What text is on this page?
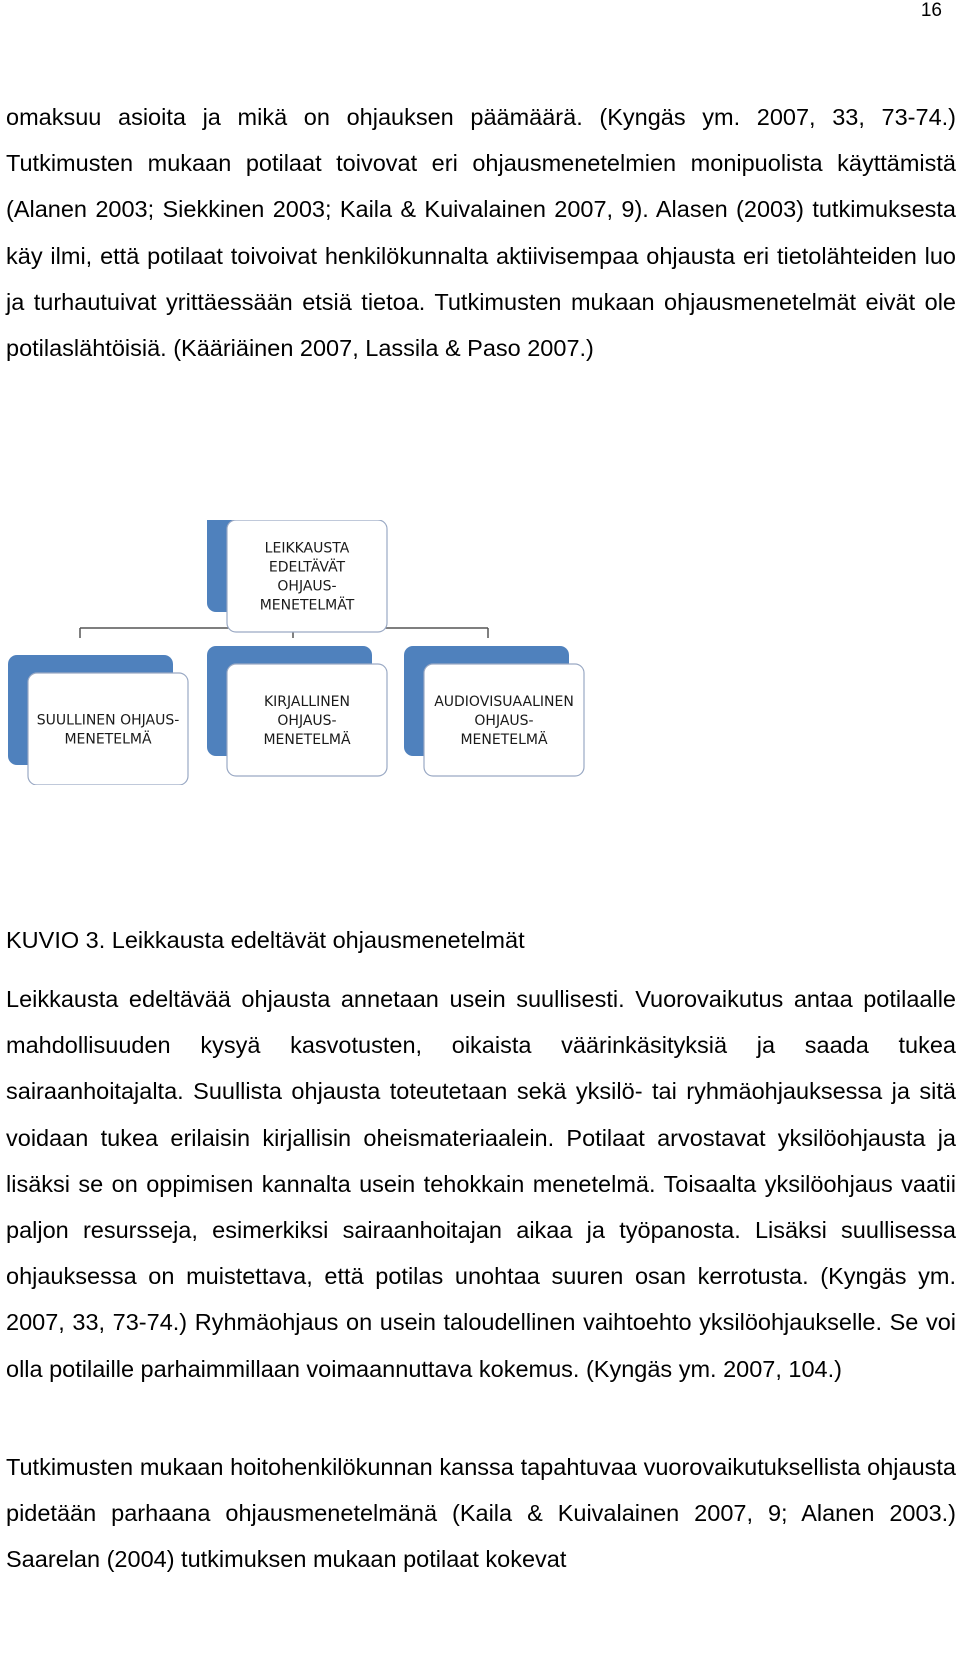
16

omaksuu asioita ja mikä on ohjauksen päämäärä. (Kyngäs ym. 2007, 33, 73-74.) Tutkimusten mukaan potilaat toivovat eri ohjausmenetelmien monipuolista käyttämistä (Alanen 2003; Siekkinen 2003; Kaila & Kuivalainen 2007, 9). Alasen (2003) tutkimuksesta käy ilmi, että potilaat toivoivat henkilökunnalta aktiivisempaa ohjausta eri tietolähteiden luo ja turhautuivat yrittäessään etsiä tietoa. Tutkimusten mukaan ohjausmenetelmät eivät ole potilaslähtöisiä. (Kääriäinen 2007, Lassila & Paso 2007.)

LEIKKAUSTA
EDELTÄVÄT
OHJAUS-
MENETELMÄT
SUULLINEN OHJAUS-
MENETELMÄ
KIRJALLINEN
OHJAUS-
MENETELMÄ
AUDIOVISUAALINEN
OHJAUS-
MENETELMÄ

KUVIO 3. Leikkausta edeltävät ohjausmenetelmät

Leikkausta edeltävää ohjausta annetaan usein suullisesti. Vuorovaikutus antaa potilaalle mahdollisuuden kysyä kasvotusten, oikaista väärinkäsityksiä ja saada tukea sairaanhoitajalta. Suullista ohjausta toteutetaan sekä yksilö- tai ryhmäohjauksessa ja sitä voidaan tukea erilaisin kirjallisin oheismateriaalein. Potilaat arvostavat yksilöohjausta ja lisäksi se on oppimisen kannalta usein tehokkain menetelmä. Toisaalta yksilöohjaus vaatii paljon resursseja, esimerkiksi sairaanhoitajan aikaa ja työpanosta. Lisäksi suullisessa ohjauksessa on muistettava, että potilas unohtaa suuren osan kerrotusta. (Kyngäs ym. 2007, 33, 73-74.) Ryhmäohjaus on usein taloudellinen vaihtoehto yksilöohjaukselle. Se voi olla potilaille parhaimmillaan voimaannuttava kokemus. (Kyngäs ym. 2007, 104.)

Tutkimusten mukaan hoitohenkilökunnan kanssa tapahtuvaa vuorovaikutuksellista ohjausta pidetään parhaana ohjausmenetelmänä (Kaila & Kuivalainen 2007, 9; Alanen 2003.) Saarelan (2004) tutkimuksen mukaan potilaat kokevat
